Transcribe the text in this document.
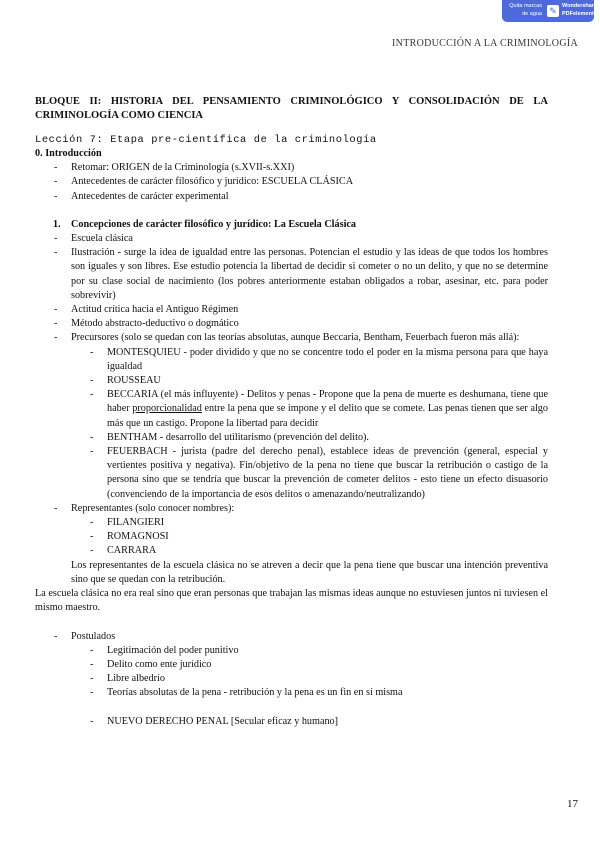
Quita marcas de agua ✎ Wondershare PDFelement
INTRODUCCIÓN A LA CRIMINOLOGÍA
BLOQUE II: HISTORIA DEL PENSAMIENTO CRIMINOLÓGICO Y CONSOLIDACIÓN DE LA CRIMINOLOGÍA COMO CIENCIA
Lección 7: Etapa pre-científica de la criminología
0. Introducción
- Retomar: ORIGEN de la Criminología (s.XVII-s.XXI)
- Antecedentes de carácter filosófico y jurídico: ESCUELA CLÁSICA
- Antecedentes de carácter experimental
1. Concepciones de carácter filosófico y jurídico: La Escuela Clásica
- Escuela clásica
- Ilustración - surge la idea de igualdad entre las personas. Potencian el estudio y las ideas de que todos los hombres son iguales y son libres. Ese estudio potencia la libertad de decidir si cometer o no un delito, y que no se determine por su clase social de nacimiento (los pobres anteriormente estaban obligados a robar, asesinar, etc. para poder sobrevivir)
- Actitud crítica hacia el Antiguo Régimen
- Método abstracto-deductivo o dogmático
- Precursores (solo se quedan con las teorías absolutas, aunque Beccaria, Bentham, Feuerbach fueron más allá):
- MONTESQUIEU - poder dividido y que no se concentre todo el poder en la misma persona para que haya igualdad
- ROUSSEAU
- BECCARIA (el más influyente) - Delitos y penas - Propone que la pena de muerte es deshumana, tiene que haber proporcionalidad entre la pena que se impone y el delito que se comete. Las penas tienen que ser algo más que un castigo. Propone la libertad para decidir
- BENTHAM - desarrollo del utilitarismo (prevención del delito).
- FEUERBACH - jurista (padre del derecho penal), establece ideas de prevención (general, especial y vertientes positiva y negativa). Fin/objetivo de la pena no tiene que buscar la retribución o castigo de la persona sino que se tendría que buscar la prevención de cometer delitos - esto tiene un efecto disuasorio (convenciendo de la importancia de esos delitos o amenazando/neutralizando)
- Representantes (solo conocer nombres):
- FILANGIERI
- ROMAGNOSI
- CARRARA
Los representantes de la escuela clásica no se atreven a decir que la pena tiene que buscar una intención preventiva sino que se quedan con la retribución.
La escuela clásica no era real sino que eran personas que trabajan las mismas ideas aunque no estuviesen juntos ni tuviesen el mismo maestro.
- Postulados
- Legitimación del poder punitivo
- Delito como ente jurídico
- Libre albedrío
- Teorías absolutas de la pena - retribución y la pena es un fin en sí misma
- NUEVO DERECHO PENAL [Secular eficaz y humano]
17
